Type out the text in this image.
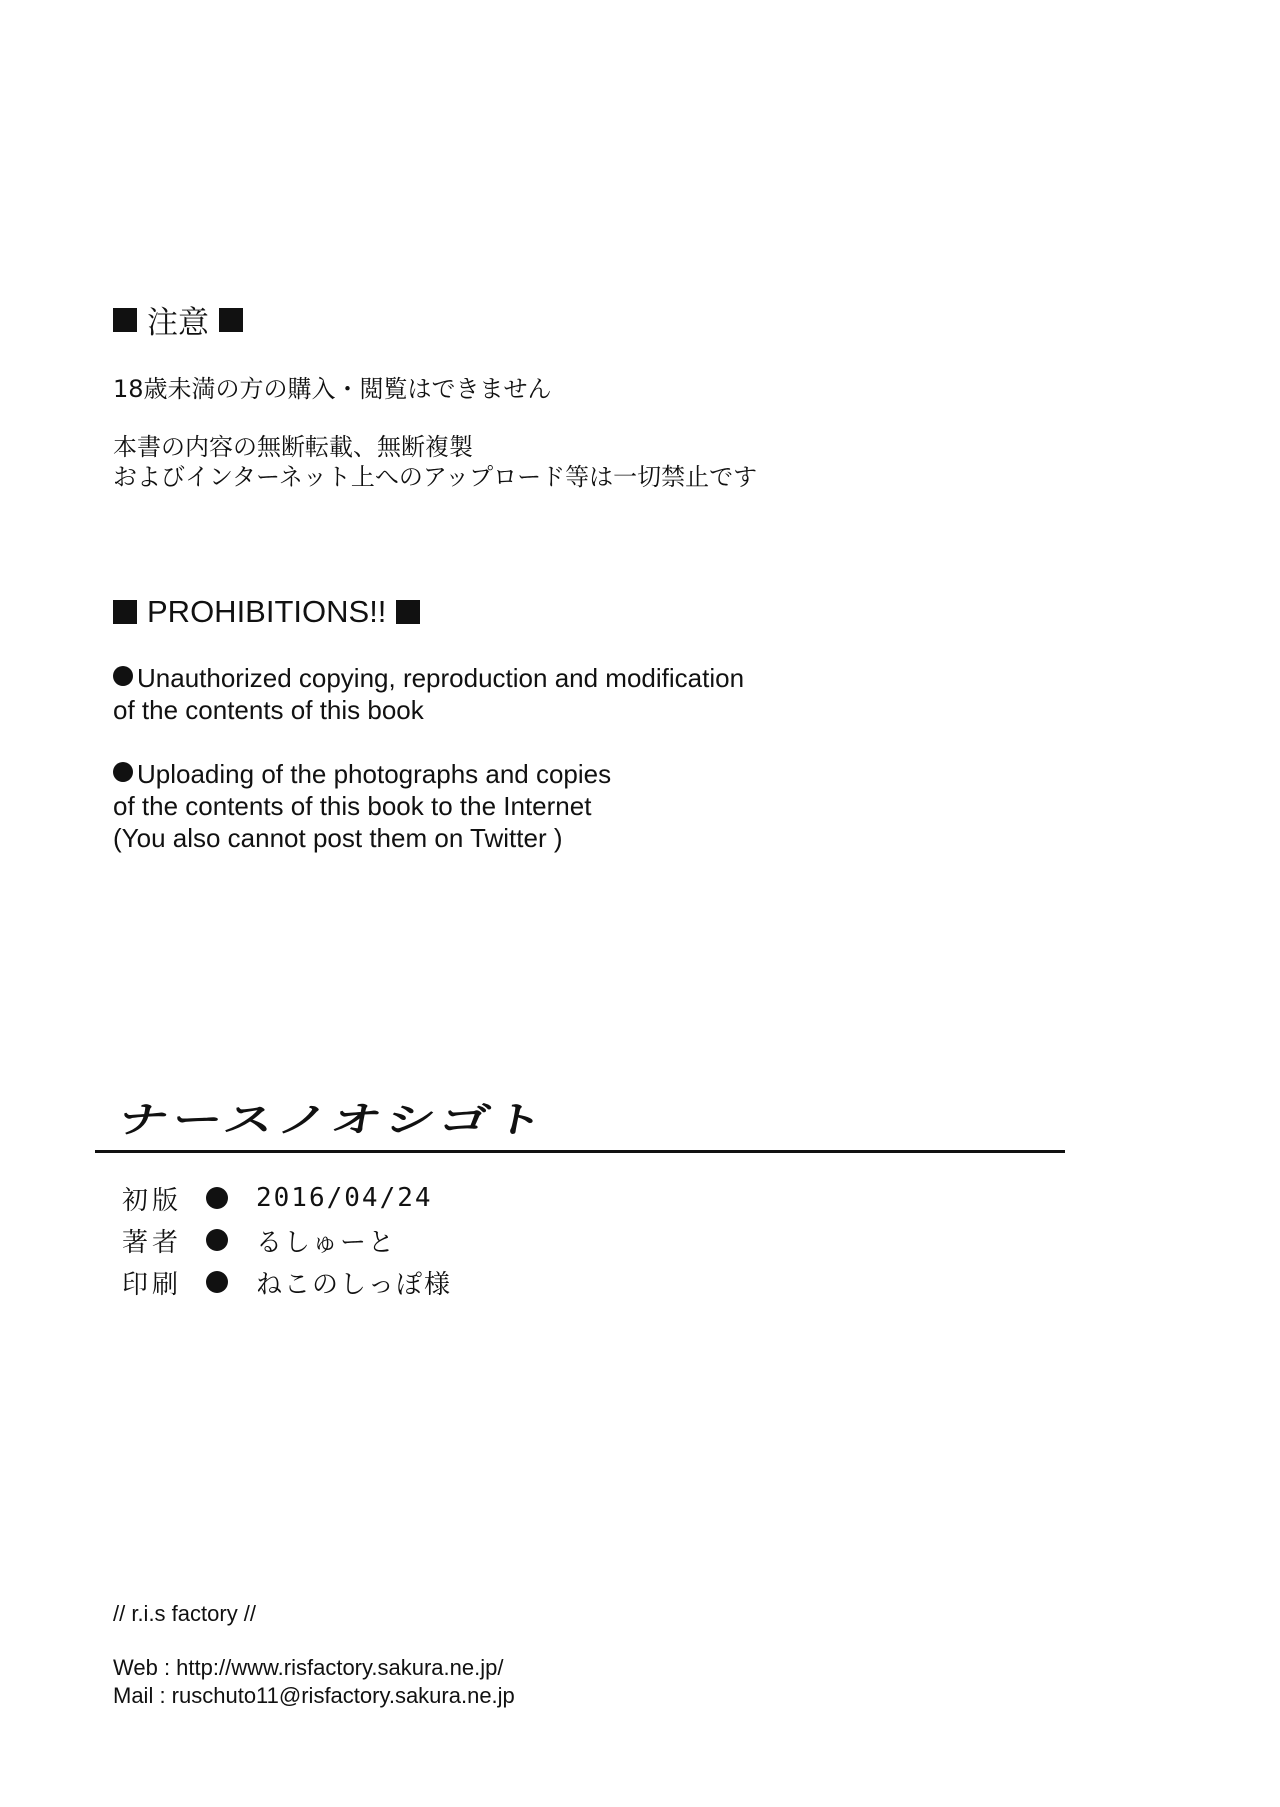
注意
18歳未満の方の購入・閲覧はできません
本書の内容の無断転載、無断複製
およびインターネット上へのアップロード等は一切禁止です
PROHIBITIONS!!
Unauthorized copying, reproduction and modification
of the contents of this book
Uploading of the photographs and copies
of the contents of this book to the Internet
(You also cannot post them on Twitter )
ナースノオシゴト
初版	2016/04/24
著者	るしゅーと
印刷	ねこのしっぽ様
// r.i.s factory //
Web : http://www.risfactory.sakura.ne.jp/
Mail : ruschuto11@risfactory.sakura.ne.jp
